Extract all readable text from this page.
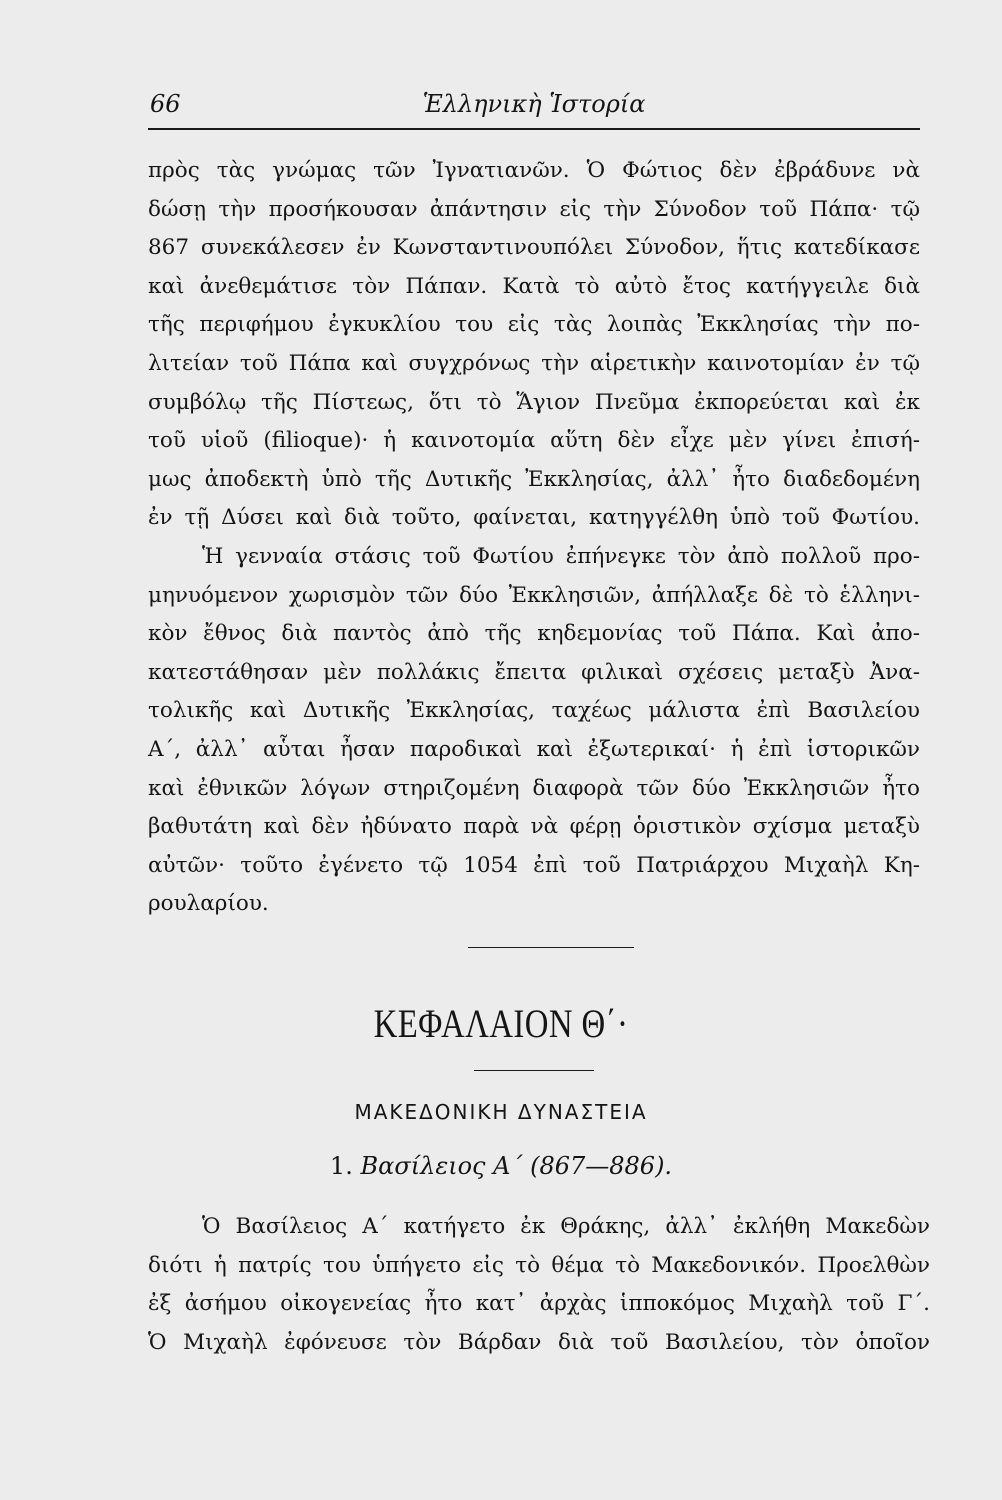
66	Ἑλληνικὴ Ἱστορία
πρὸς τὰς γνώμας τῶν Ἰγνατιανῶν. Ὁ Φώτιος δὲν ἐβράδυνε νὰ
δώσῃ τὴν προσήκουσαν ἀπάντησιν εἰς τὴν Σύνοδον τοῦ Πάπα· τῷ
867 συνεκάλεσεν ἐν Κωνσταντινουπόλει Σύνοδον, ἥτις κατεδίκασε
καὶ ἀνεθεμάτισε τὸν Πάπαν. Κατὰ τὸ αὐτὸ ἔτος κατήγγειλε διὰ
τῆς περιφήμου ἐγκυκλίου του εἰς τὰς λοιπὰς Ἐκκλησίας τὴν πο-
λιτείαν τοῦ Πάπα καὶ συγχρόνως τὴν αἱρετικὴν καινοτομίαν ἐν τῷ
συμβόλῳ τῆς Πίστεως, ὅτι τὸ Ἅγιον Πνεῦμα ἐκπορεύεται καὶ ἐκ
τοῦ υἱοῦ (filioque)· ἡ καινοτομία αὕτη δὲν εἶχε μὲν γίνει ἐπισή-
μως ἀποδεκτὴ ὑπὸ τῆς Δυτικῆς Ἐκκλησίας, ἀλλ᾽ ἦτο διαδεδομένη
ἐν τῇ Δύσει καὶ διὰ τοῦτο, φαίνεται, κατηγγέλθη ὑπὸ τοῦ Φωτίου.
Ἡ γενναία στάσις τοῦ Φωτίου ἐπήνεγκε τὸν ἀπὸ πολλοῦ προ-
μηνυόμενον χωρισμὸν τῶν δύο Ἐκκλησιῶν, ἀπήλλαξε δὲ τὸ ἑλληνι-
κὸν ἔθνος διὰ παντὸς ἀπὸ τῆς κηδεμονίας τοῦ Πάπα. Καὶ ἀπο-
κατεστάθησαν μὲν πολλάκις ἔπειτα φιλικαὶ σχέσεις μεταξὺ Ἀνα-
τολικῆς καὶ Δυτικῆς Ἐκκλησίας, ταχέως μάλιστα ἐπὶ Βασιλείου
Α΄, ἀλλ᾽ αὗται ἦσαν παροδικαὶ καὶ ἐξωτερικαί· ἡ ἐπὶ ἱστορικῶν
καὶ ἐθνικῶν λόγων στηριζομένη διαφορὰ τῶν δύο Ἐκκλησιῶν ἦτο
βαθυτάτη καὶ δὲν ἠδύνατο παρὰ νὰ φέρῃ ὁριστικὸν σχίσμα μεταξὺ
αὐτῶν· τοῦτο ἐγένετο τῷ 1054 ἐπὶ τοῦ Πατριάρχου Μιχαὴλ Κη-
ρουλαρίου.
ΚΕΦΑΛΑΙΟΝ Θ΄·
ΜΑΚΕΔΟΝΙΚΗ ΔΥΝΑΣΤΕΙΑ
1. Βασίλειος Α΄ (867—886).
Ὁ Βασίλειος Α΄ κατήγετο ἐκ Θράκης, ἀλλ᾽ ἐκλήθη Μακεδὼν
διότι ἡ πατρίς του ὑπήγετο εἰς τὸ θέμα τὸ Μακεδονικόν. Προελθὼν
ἐξ ἀσήμου οἰκογενείας ἦτο κατ᾽ ἀρχὰς ἱπποκόμος Μιχαὴλ τοῦ Γ΄.
Ὁ Μιχαὴλ ἐφόνευσε τὸν Βάρδαν διὰ τοῦ Βασιλείου, τὸν ὁποῖον
